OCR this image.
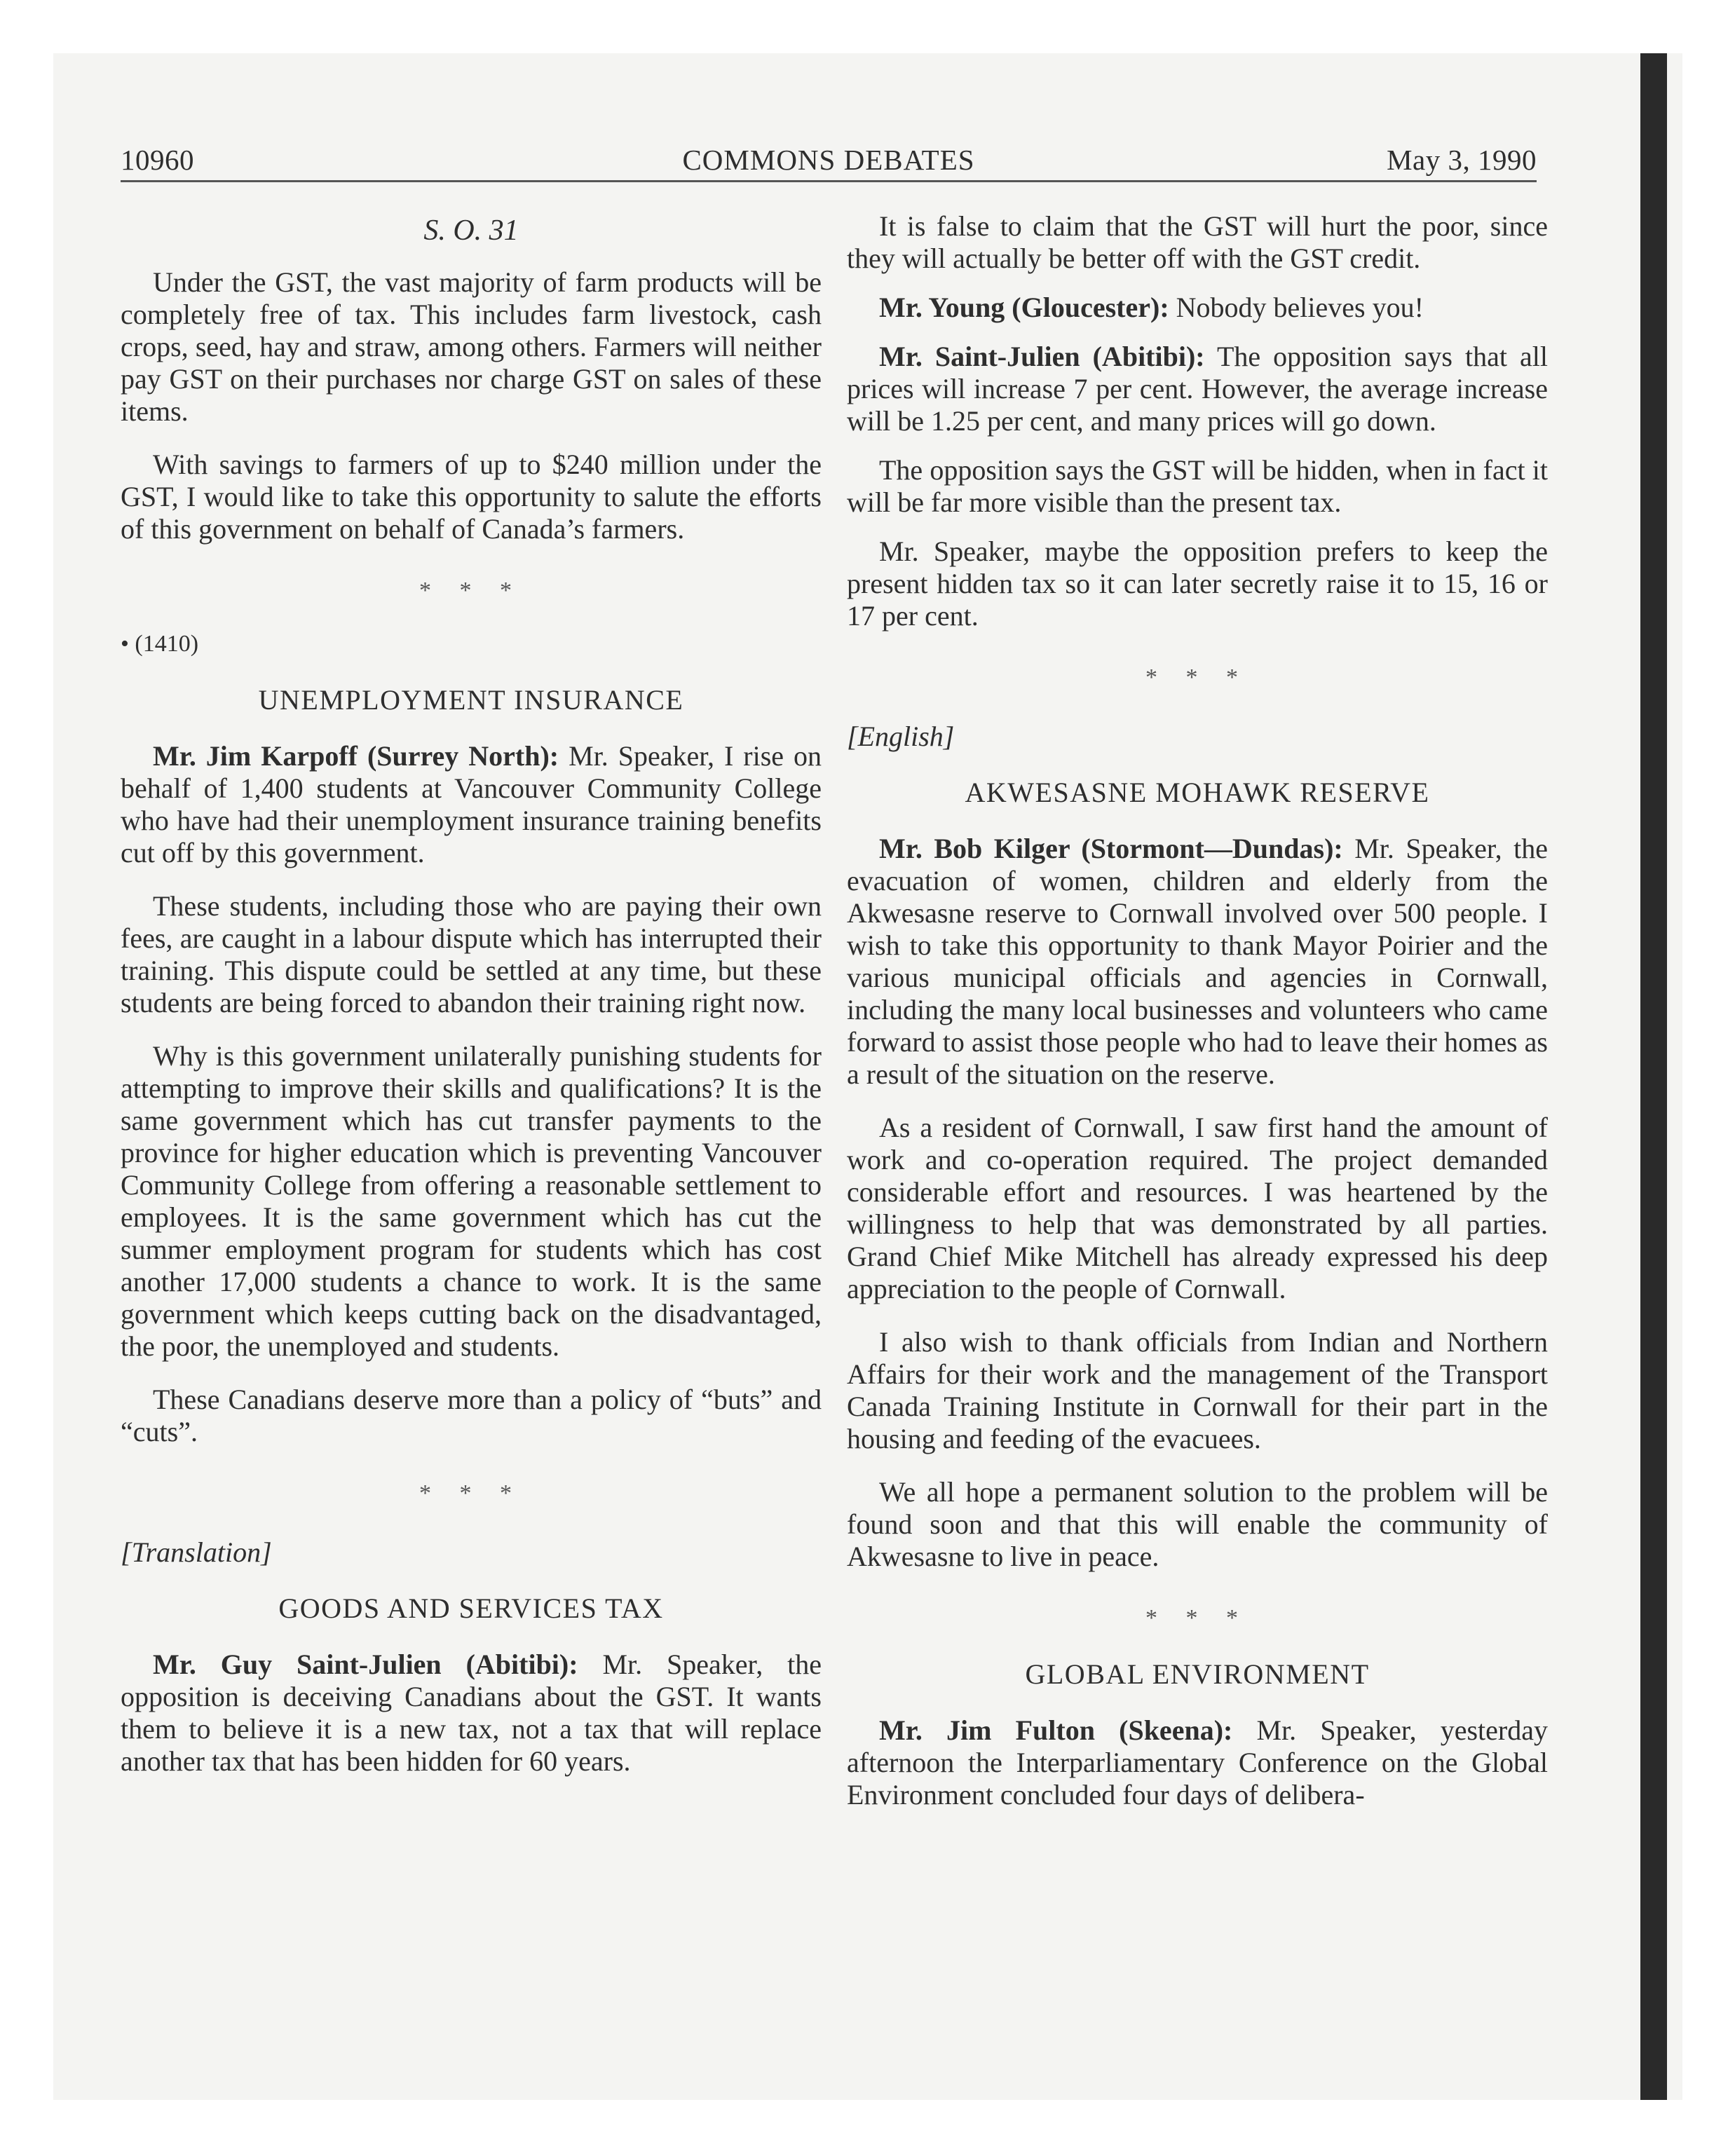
10960	COMMONS DEBATES	May 3, 1990
S. O. 31

Under the GST, the vast majority of farm products will be completely free of tax. This includes farm livestock, cash crops, seed, hay and straw, among others. Farmers will neither pay GST on their purchases nor charge GST on sales of these items.

With savings to farmers of up to $240 million under the GST, I would like to take this opportunity to salute the efforts of this government on behalf of Canada’s farmers.

* * *
• (1410)
UNEMPLOYMENT INSURANCE

Mr. Jim Karpoff (Surrey North): Mr. Speaker, I rise on behalf of 1,400 students at Vancouver Community College who have had their unemployment insurance training benefits cut off by this government.

These students, including those who are paying their own fees, are caught in a labour dispute which has interrupted their training. This dispute could be settled at any time, but these students are being forced to abandon their training right now.

Why is this government unilaterally punishing students for attempting to improve their skills and qualifications? It is the same government which has cut transfer payments to the province for higher education which is preventing Vancouver Community College from offering a reasonable settlement to employees. It is the same government which has cut the summer employment program for students which has cost another 17,000 students a chance to work. It is the same government which keeps cutting back on the disadvantaged, the poor, the unemployed and students.

These Canadians deserve more than a policy of “buts” and “cuts”.

* * *
[Translation]
GOODS AND SERVICES TAX

Mr. Guy Saint-Julien (Abitibi): Mr. Speaker, the opposition is deceiving Canadians about the GST. It wants them to believe it is a new tax, not a tax that will replace another tax that has been hidden for 60 years.

It is false to claim that the GST will hurt the poor, since they will actually be better off with the GST credit.

Mr. Young (Gloucester): Nobody believes you!

Mr. Saint-Julien (Abitibi): The opposition says that all prices will increase 7 per cent. However, the average increase will be 1.25 per cent, and many prices will go down.

The opposition says the GST will be hidden, when in fact it will be far more visible than the present tax.

Mr. Speaker, maybe the opposition prefers to keep the present hidden tax so it can later secretly raise it to 15, 16 or 17 per cent.

* * *
[English]
AKWESASNE MOHAWK RESERVE

Mr. Bob Kilger (Stormont—Dundas): Mr. Speaker, the evacuation of women, children and elderly from the Akwesasne reserve to Cornwall involved over 500 people. I wish to take this opportunity to thank Mayor Poirier and the various municipal officials and agencies in Cornwall, including the many local businesses and volunteers who came forward to assist those people who had to leave their homes as a result of the situation on the reserve.

As a resident of Cornwall, I saw first hand the amount of work and co-operation required. The project demanded considerable effort and resources. I was heartened by the willingness to help that was demonstrated by all parties. Grand Chief Mike Mitchell has already expressed his deep appreciation to the people of Cornwall.

I also wish to thank officials from Indian and Northern Affairs for their work and the management of the Transport Canada Training Institute in Cornwall for their part in the housing and feeding of the evacuees.

We all hope a permanent solution to the problem will be found soon and that this will enable the community of Akwesasne to live in peace.

* * *
GLOBAL ENVIRONMENT

Mr. Jim Fulton (Skeena): Mr. Speaker, yesterday afternoon the Interparliamentary Conference on the Global Environment concluded four days of delibera-
